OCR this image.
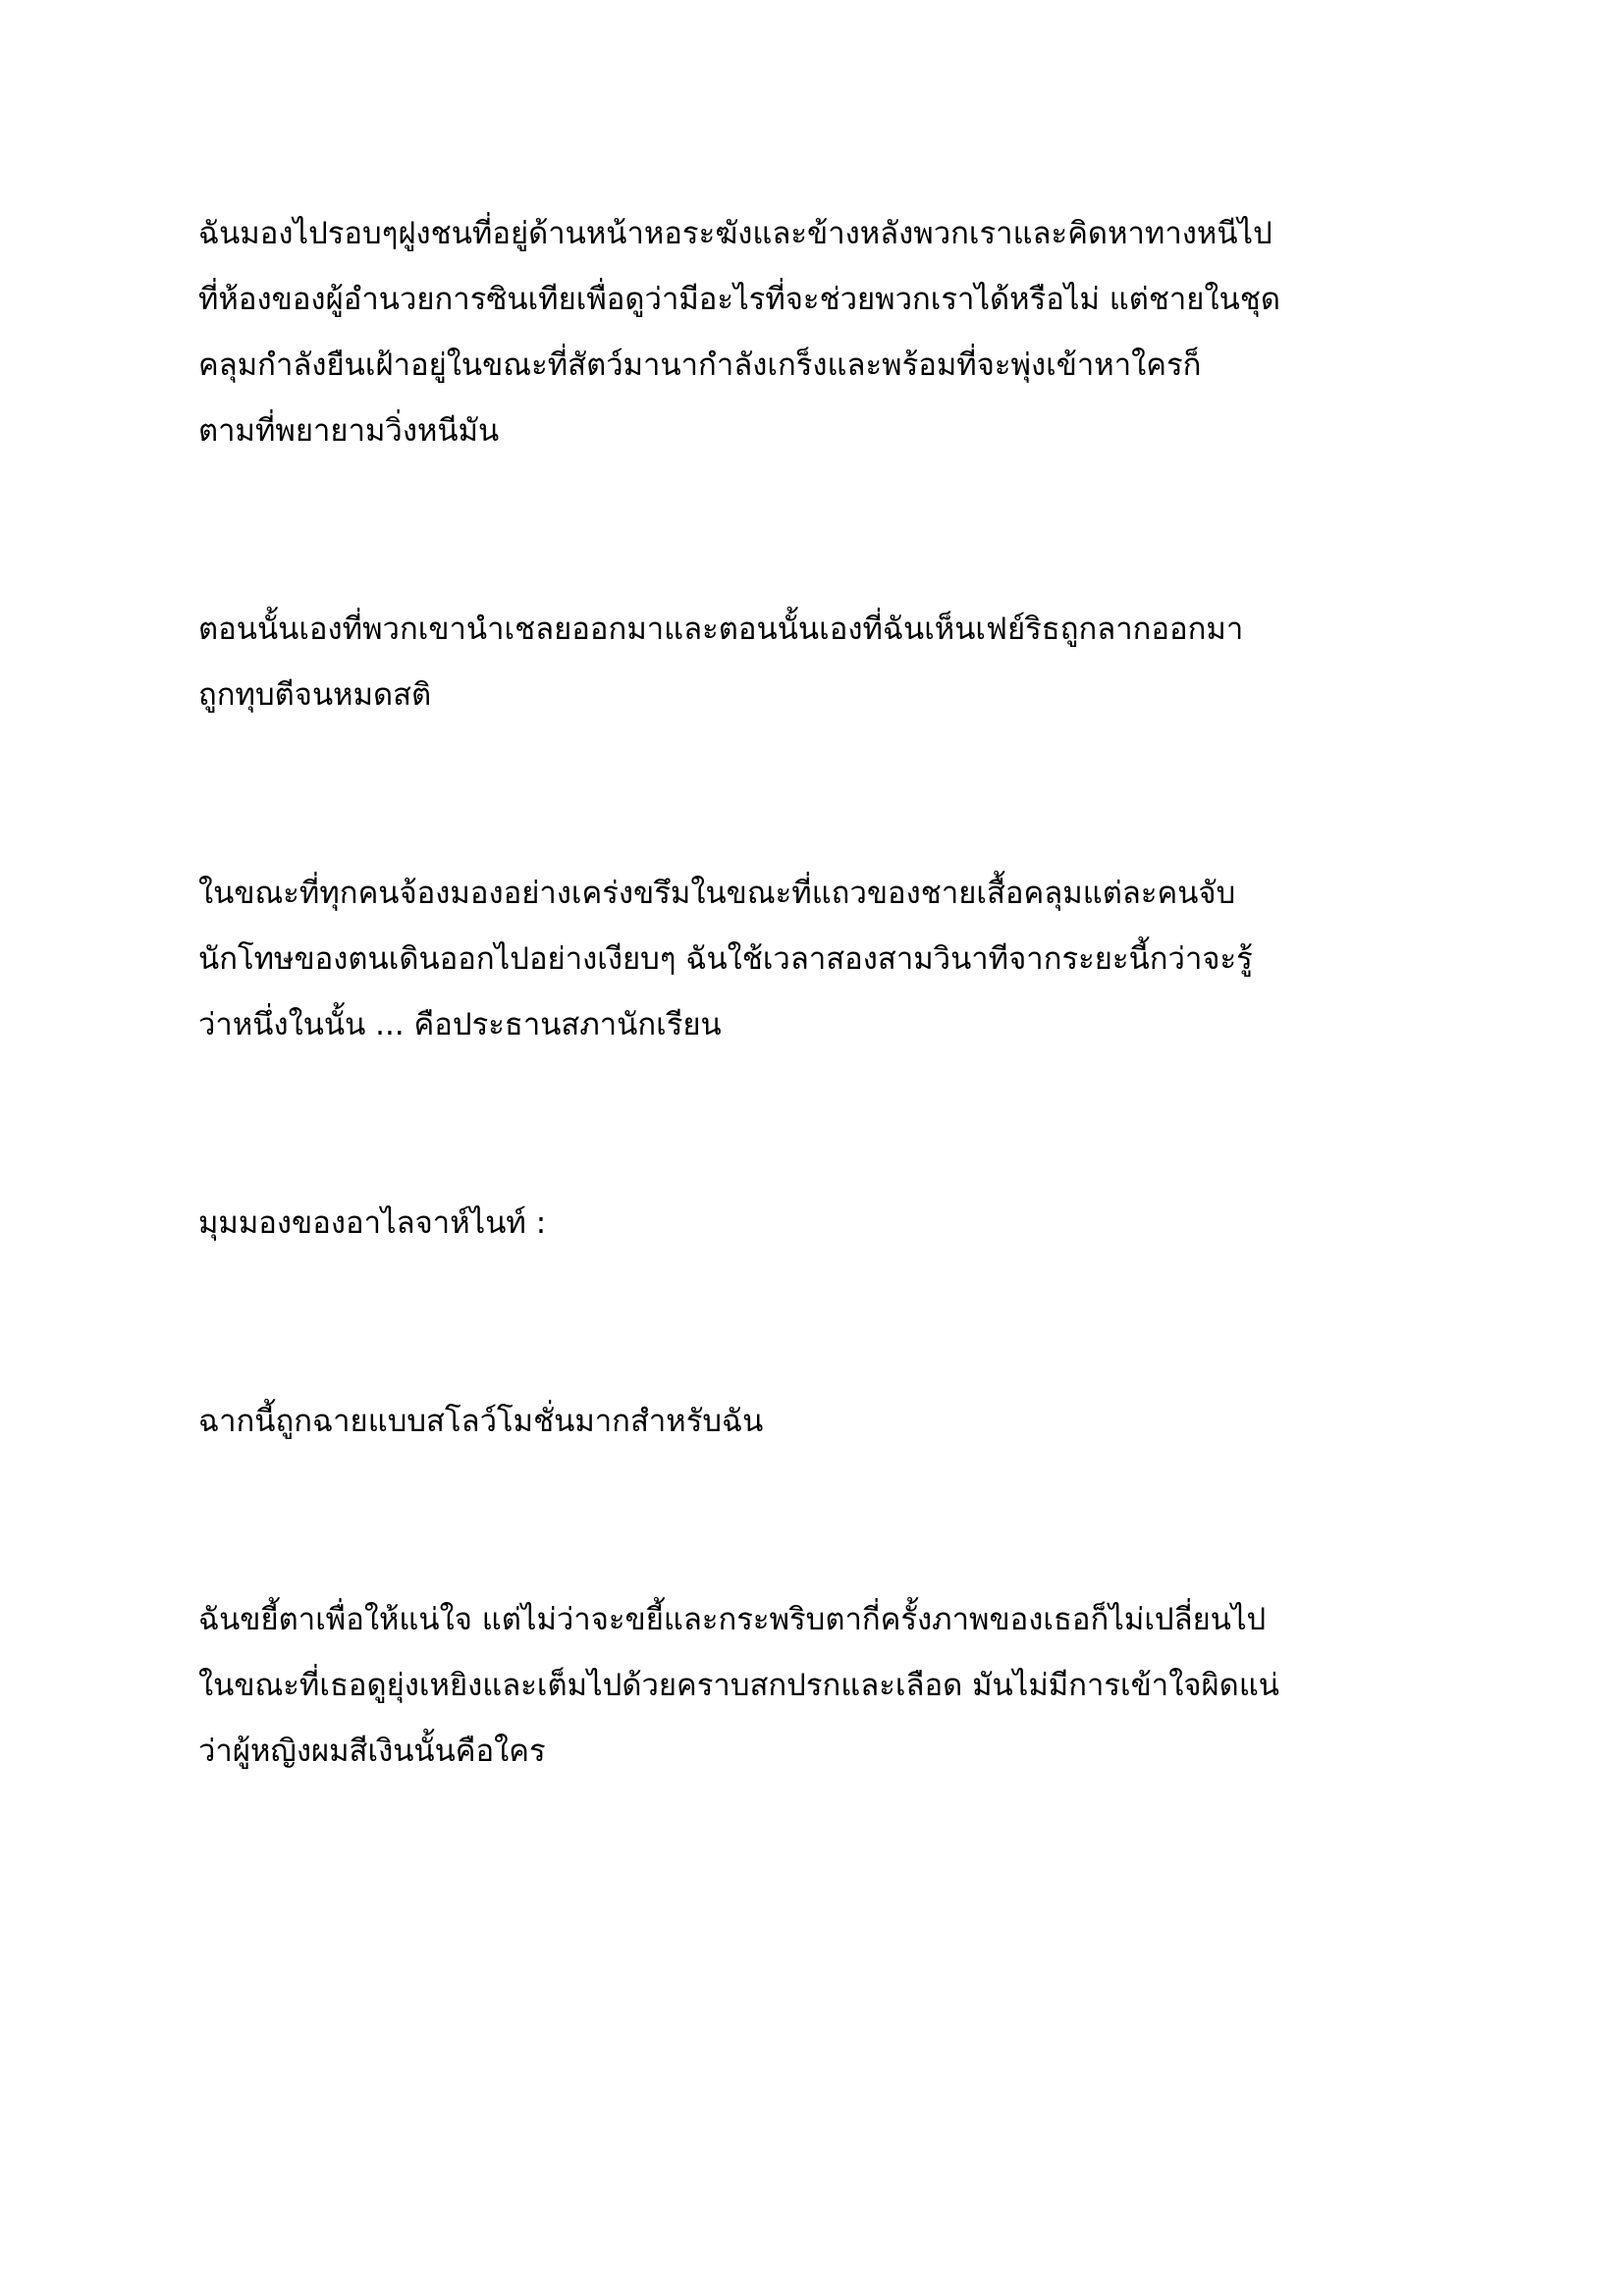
ฉันมองไปรอบๆฝูงชนที่อยู่ด้านหน้าหอระฆังและข้างหลังพวกเราและคิดหาทางหนีไป
ที่ห้องของผู้อำนวยการซินเทียเพื่อดูว่ามีอะไรที่จะช่วยพวกเราได้หรือไม่ แต่ชายในชุด
คลุมกำลังยืนเฝ้าอยู่ในขณะที่สัตว์มานากำลังเกร็งและพร้อมที่จะพุ่งเข้าหาใครก็
ตามที่พยายามวิ่งหนีมัน

ตอนนั้นเองที่พวกเขานำเชลยออกมาและตอนนั้นเองที่ฉันเห็นเฟย์ริธถูกลากออกมา
ถูกทุบตีจนหมดสติ

ในขณะที่ทุกคนจ้องมองอย่างเคร่งขรึมในขณะที่แถวของชายเสื้อคลุมแต่ละคนจับ
นักโทษของตนเดินออกไปอย่างเงียบๆ ฉันใช้เวลาสองสามวินาทีจากระยะนี้กว่าจะรู้
ว่าหนึ่งในนั้น ... คือประธานสภานักเรียน

มุมมองของอาไลจาห์ไนท์ :

ฉากนี้ถูกฉายแบบสโลว์โมชั่นมากสำหรับฉัน

ฉันขยี้ตาเพื่อให้แน่ใจ แต่ไม่ว่าจะขยี้และกระพริบตากี่ครั้งภาพของเธอก็ไม่เปลี่ยนไป
ในขณะที่เธอดูยุ่งเหยิงและเต็มไปด้วยคราบสกปรกและเลือด มันไม่มีการเข้าใจผิดแน่
ว่าผู้หญิงผมสีเงินนั้นคือใคร
